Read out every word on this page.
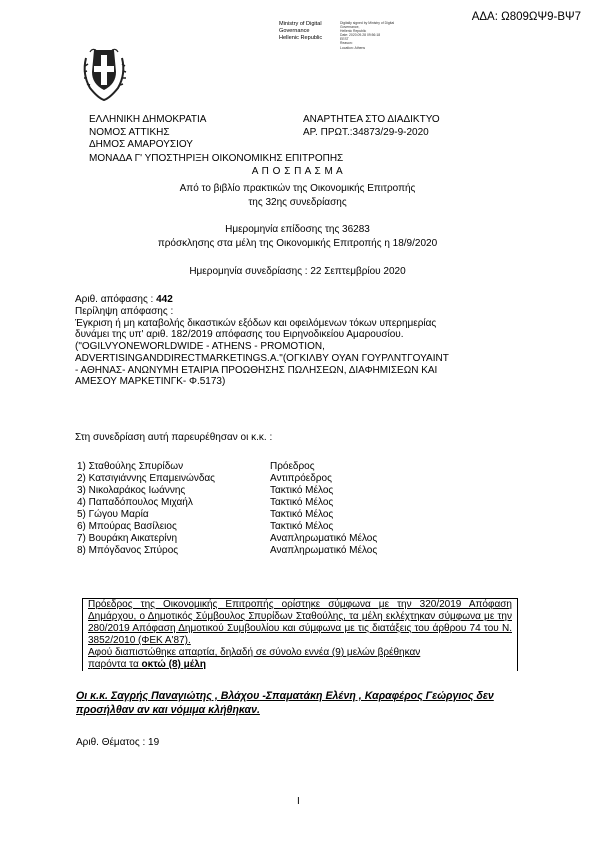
ΑΔΑ: Ω809ΩΨ9-ΒΨ7
Ministry of Digital
Governance
Hellenic Republic
Digitally signed by Ministry of Digital
Governance,
Hellenic Republic
Date: 2020.09.28 09:56:18
EEST
Reason:
Location: Athens
ΕΛΛΗΝΙΚΗ ΔΗΜΟΚΡΑΤΙΑ
ΝΟΜΟΣ ΑΤΤΙΚΗΣ
ΔΗΜΟΣ ΑΜΑΡΟΥΣΙΟΥ
ΑΝΑΡΤΗΤΕΑ ΣΤΟ ΔΙΑΔΙΚΤΥΟ
ΑΡ. ΠΡΩΤ.:34873/29-9-2020
ΜΟΝΑΔΑ Γ' ΥΠΟΣΤΗΡΙΞΗ ΟΙΚΟΝΟΜΙΚΗΣ ΕΠΙΤΡΟΠΗΣ
Α Π Ο Σ Π Α Σ Μ Α
Από το βιβλίο πρακτικών της Οικονομικής Επιτροπής
της 32ης συνεδρίασης
Ημερομηνία επίδοσης της 36283
πρόσκλησης στα μέλη της Οικονομικής Επιτροπής η 18/9/2020
Ημερομηνία συνεδρίασης : 22 Σεπτεμβρίου 2020
Αριθ. απόφασης : 442
Περίληψη απόφασης :
Έγκριση ή μη καταβολής δικαστικών εξόδων και οφειλόμενων τόκων υπερημερίας
δυνάμει της υπ' αριθ. 182/2019 απόφασης του Ειρηνοδικείου Αμαρουσίου.
("OGILVYONEWORLDWIDE - ATHENS - PROMOTION,
ADVERTISINGANDDIRECTMARKETINGS.A."(ΟΓΚΙΛΒΥ ΟΥΑΝ ΓΟΥΡΛΝΤΓΟΥΑΙΝΤ
- ΑΘΗΝΑΣ- ΑΝΩΝΥΜΗ ΕΤΑΙΡΙΑ ΠΡΟΩΘΗΣΗΣ ΠΩΛΗΣΕΩΝ, ΔΙΑΦΗΜΙΣΕΩΝ ΚΑΙ
ΑΜΕΣΟΥ ΜΑΡΚΕΤΙΝΓΚ- Φ.5173)
Στη συνεδρίαση αυτή παρευρέθησαν οι κ.κ. :
1) Σταθούλης Σπυρίδων	Πρόεδρος
2) Κατσιγιάννης Επαμεινώνδας	Αντιπρόεδρος
3) Νικολαράκος Ιωάννης	Τακτικό Μέλος
4) Παπαδόπουλος Μιχαήλ	Τακτικό Μέλος
5) Γώγου Μαρία	Τακτικό Μέλος
6) Μπούρας Βασίλειος	Τακτικό Μέλος
7) Βουράκη Αικατερίνη	Αναπληρωματικό Μέλος
8) Μπόγδανος Σπύρος	Αναπληρωματικό Μέλος
Πρόεδρος της Οικονομικής Επιτροπής ορίστηκε σύμφωνα με την 320/2019 Απόφαση Δημάρχου, ο Δημοτικός Σύμβουλος Σπυρίδων Σταθούλης, τα μέλη εκλέχτηκαν σύμφωνα με την 280/2019 Απόφαση Δημοτικού Συμβουλίου και σύμφωνα με τις διατάξεις του άρθρου 74 του Ν. 3852/2010 (ΦΕΚ Α'87).
Αφού διαπιστώθηκε απαρτία, δηλαδή σε σύνολο εννέα (9) μελών βρέθηκαν
παρόντα τα οκτώ (8) μέλη
Οι κ.κ. Σαγρής Παναγιώτης , Βλάχου -Σπαματάκη Ελένη , Καραφέρος Γεώργιος δεν προσήλθαν αν και νόμιμα κλήθηκαν.
Αριθ. Θέματος : 19
I
